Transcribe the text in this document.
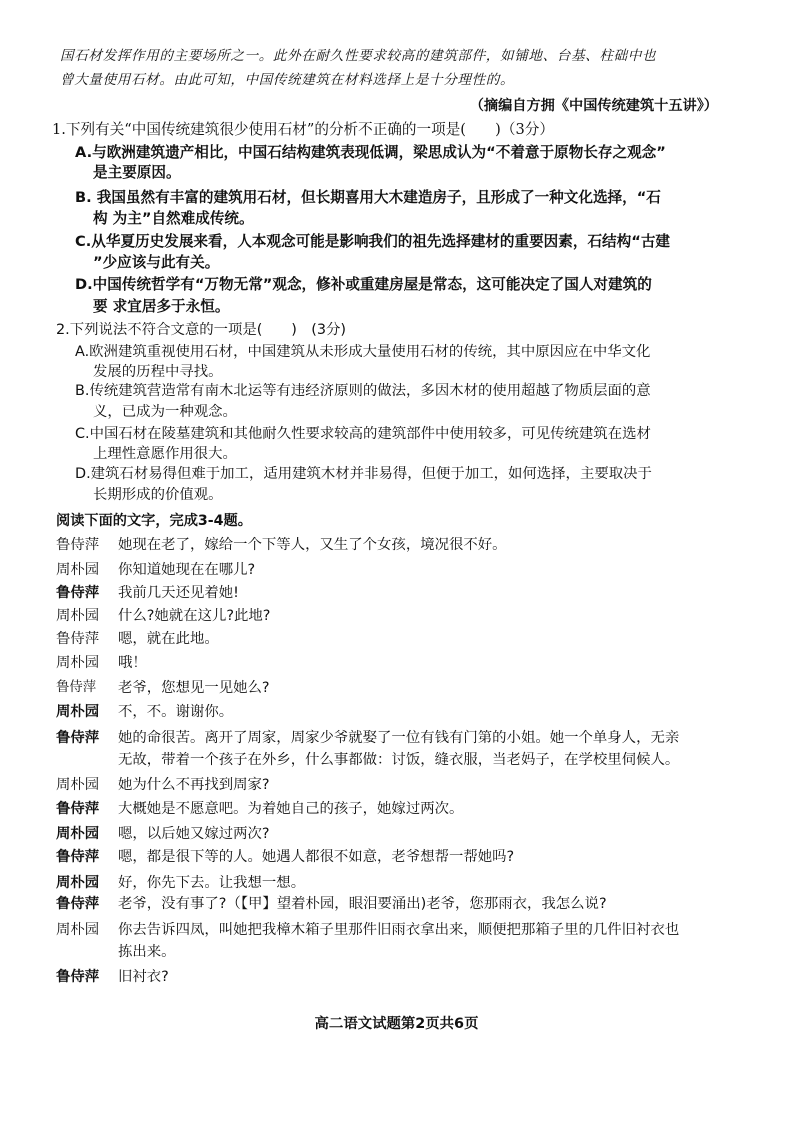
国石材发挥作用的主要场所之一。此外在耐久性要求较高的建筑部件，如铺地、台基、柱础中也
曾大量使用石材。由此可知，中国传统建筑在材料选择上是十分理性的。
（摘编自方拥《中国传统建筑十五讲》）
1.下列有关“中国传统建筑很少使用石材”的分析不正确的一项是(　　)（3分）
A.与欧洲建筑遗产相比，中国石结构建筑表现低调，梁思成认为“不着意于原物长存之观念”
是主要原因。
B. 我国虽然有丰富的建筑用石材，但长期喜用大木建造房子，且形成了一种文化选择，“石
构 为主”自然难成传统。
C.从华夏历史发展来看，人本观念可能是影响我们的祖先选择建材的重要因素，石结构“古建
”少应该与此有关。
D.中国传统哲学有“万物无常”观念，修补或重建房屋是常态，这可能决定了国人对建筑的
要 求宜居多于永恒。
2.下列说法不符合文意的一项是(　　)　(3分)
A.欧洲建筑重视使用石材，中国建筑从未形成大量使用石材的传统，其中原因应在中华文化
发展的历程中寻找。
B.传统建筑营造常有南木北运等有违经济原则的做法，多因木材的使用超越了物质层面的意
义，已成为一种观念。
C.中国石材在陵墓建筑和其他耐久性要求较高的建筑部件中使用较多，可见传统建筑在选材
上理性意愿作用很大。
D.建筑石材易得但难于加工，适用建筑木材并非易得，但便于加工，如何选择，主要取决于
长期形成的价值观。
阅读下面的文字，完成3-4题。
鲁侍萍 她现在老了，嫁给一个下等人，又生了个女孩，境况很不好。
周朴园 你知道她现在在哪儿?
鲁侍萍 我前几天还见着她!
周朴园 什么?她就在这儿?此地?
鲁侍萍 嗯，就在此地。
周朴园 哦！
鲁侍萍 老爷，您想见一见她么?
周朴园 不，不。谢谢你。
鲁侍萍 她的命很苦。离开了周家，周家少爷就娶了一位有钱有门第的小姐。她一个单身人，无亲
无故，带着一个孩子在外乡，什么事都做：讨饭，缝衣服，当老妈子，在学校里伺候人。
周朴园 她为什么不再找到周家?
鲁侍萍 大概她是不愿意吧。为着她自己的孩子，她嫁过两次。
周朴园 嗯，以后她又嫁过两次?
鲁侍萍 嗯，都是很下等的人。她遇人都很不如意，老爷想帮一帮她吗?
周朴园 好，你先下去。让我想一想。
鲁侍萍 老爷，没有事了?（【甲】望着朴园，眼泪要涌出)老爷，您那雨衣，我怎么说?
周朴园 你去告诉四凤，叫她把我樟木箱子里那件旧雨衣拿出来，顺便把那箱子里的几件旧衬衣也
拣出来。
鲁侍萍 旧衬衣?
高二语文试题第2页共6页
